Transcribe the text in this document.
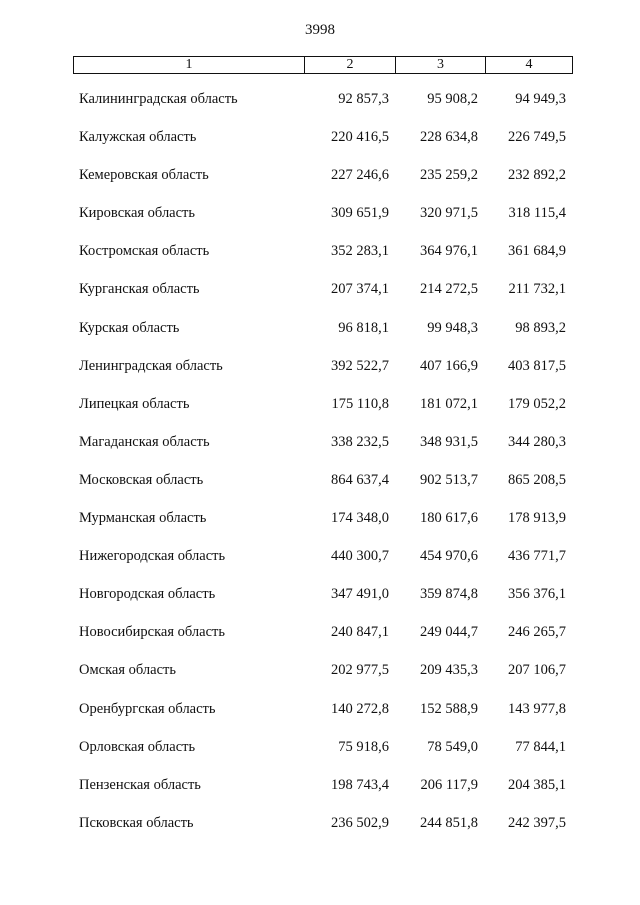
3998
1	2	3	4
Калининградская область	92 857,3	95 908,2	94 949,3
Калужская область	220 416,5	228 634,8	226 749,5
Кемеровская область	227 246,6	235 259,2	232 892,2
Кировская область	309 651,9	320 971,5	318 115,4
Костромская область	352 283,1	364 976,1	361 684,9
Курганская область	207 374,1	214 272,5	211 732,1
Курская область	96 818,1	99 948,3	98 893,2
Ленинградская область	392 522,7	407 166,9	403 817,5
Липецкая область	175 110,8	181 072,1	179 052,2
Магаданская область	338 232,5	348 931,5	344 280,3
Московская область	864 637,4	902 513,7	865 208,5
Мурманская область	174 348,0	180 617,6	178 913,9
Нижегородская область	440 300,7	454 970,6	436 771,7
Новгородская область	347 491,0	359 874,8	356 376,1
Новосибирская область	240 847,1	249 044,7	246 265,7
Омская область	202 977,5	209 435,3	207 106,7
Оренбургская область	140 272,8	152 588,9	143 977,8
Орловская область	75 918,6	78 549,0	77 844,1
Пензенская область	198 743,4	206 117,9	204 385,1
Псковская область	236 502,9	244 851,8	242 397,5
